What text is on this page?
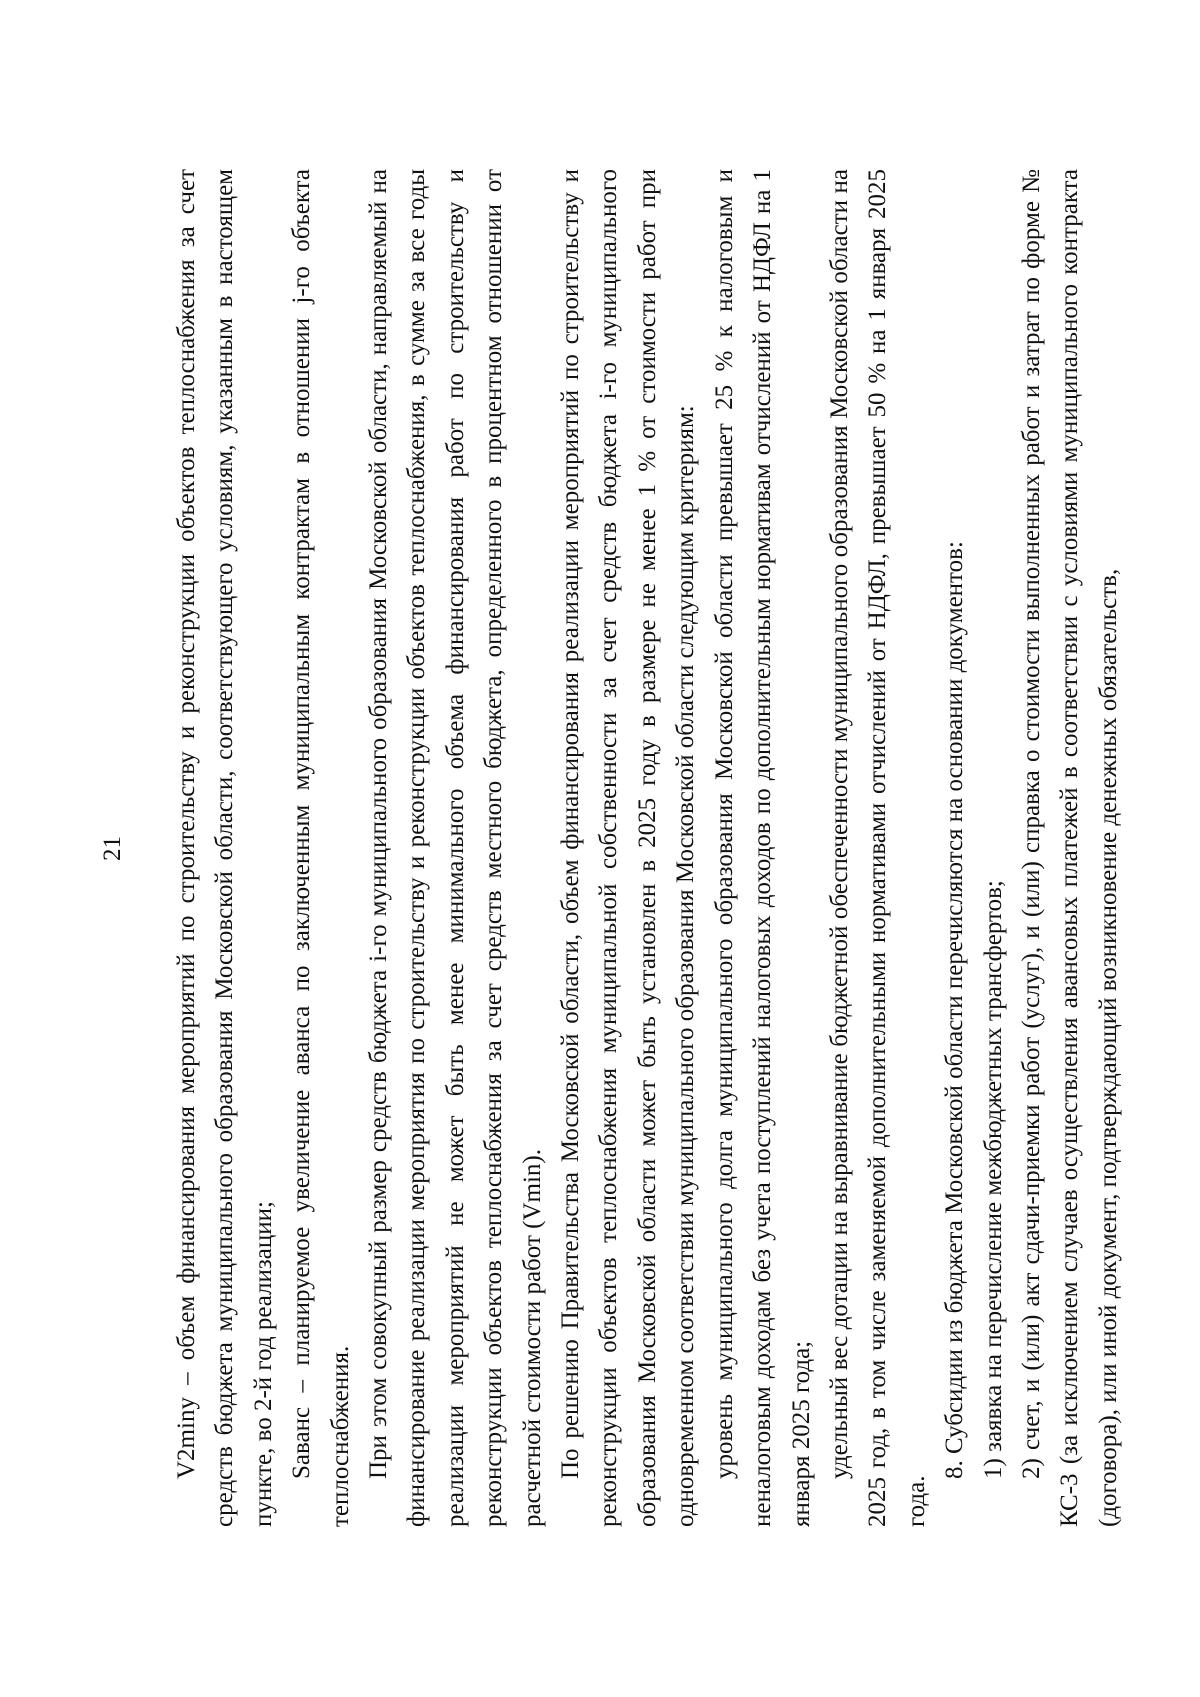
21 V2miny – объем финансирования мероприятий по строительству и реконструкции объектов теплоснабжения за счет средств бюджета муниципального образования Московской области, соответствующего условиям, указанным в настоящем пункте, во 2-й год реализации; Sаванс – планируемое увеличение аванса по заключенным муниципальным контрактам в отношении j-го объекта теплоснабжения. При этом совокупный размер средств бюджета i-го муниципального образования Московской области, направляемый на финансирование реализации мероприятия по строительству и реконструкции объектов теплоснабжения, в сумме за все годы реализации мероприятий не может быть менее минимального объема финансирования работ по строительству и реконструкции объектов теплоснабжения за счет средств местного бюджета, определенного в процентном отношении от расчетной стоимости работ (Vmin). По решению Правительства Московской области, объем финансирования реализации мероприятий по строительству и реконструкции объектов теплоснабжения муниципальной собственности за счет средств бюджета i-го муниципального образования Московской области может быть установлен в 2025 году в размере не менее 1 % от стоимости работ при одновременном соответствии муниципального образования Московской области следующим критериям: уровень муниципального долга муниципального образования Московской области превышает 25 % к налоговым и неналоговым доходам без учета поступлений налоговых доходов по дополнительным нормативам отчислений от НДФЛ на 1 января 2025 года; удельный вес дотации на выравнивание бюджетной обеспеченности муниципального образования Московской области на 2025 год, в том числе заменяемой дополнительными нормативами отчислений от НДФЛ, превышает 50 % на 1 января 2025 года.

8. Субсидии из бюджета Московской области перечисляются на основании документов: 1) заявка на перечисление межбюджетных трансфертов; 2) счет, и (или) акт сдачи-приемки работ (услуг), и (или) справка о стоимости выполненных работ и затрат по форме № КС-3 (за исключением случаев осуществления авансовых платежей в соответствии с условиями муниципального контракта (договора), или иной документ, подтверждающий возникновение денежных обязательств,
